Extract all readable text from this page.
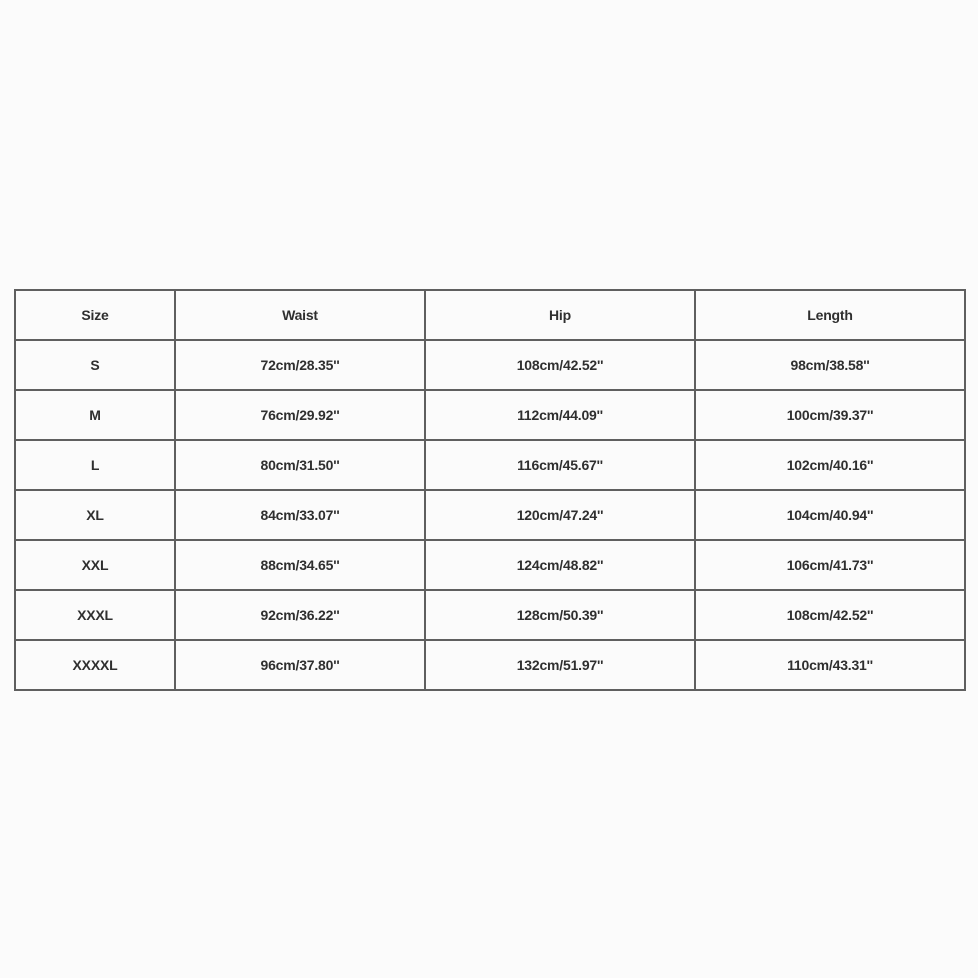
Size	Waist	Hip	Length
S	72cm/28.35''	108cm/42.52''	98cm/38.58''
M	76cm/29.92''	112cm/44.09''	100cm/39.37''
L	80cm/31.50''	116cm/45.67''	102cm/40.16''
XL	84cm/33.07''	120cm/47.24''	104cm/40.94''
XXL	88cm/34.65''	124cm/48.82''	106cm/41.73''
XXXL	92cm/36.22''	128cm/50.39''	108cm/42.52''
XXXXL	96cm/37.80''	132cm/51.97''	110cm/43.31''
